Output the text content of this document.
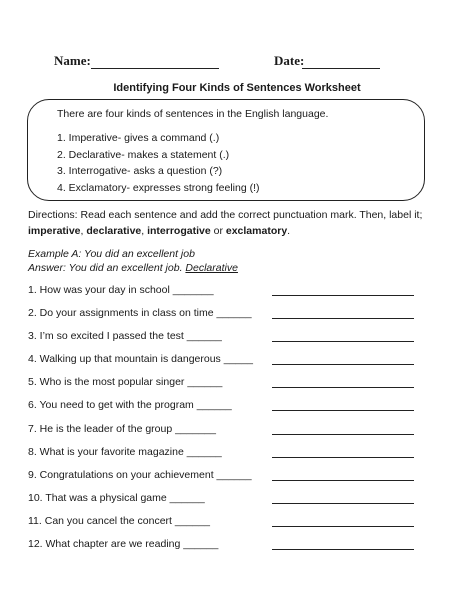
Name:	Date:
Identifying Four Kinds of Sentences Worksheet
There are four kinds of sentences in the English language.
1. Imperative- gives a command (.)
2. Declarative- makes a statement (.)
3. Interrogative- asks a question (?)
4. Exclamatory- expresses strong feeling (!)
Directions: Read each sentence and add the correct punctuation mark. Then, label it; imperative, declarative, interrogative or exclamatory.
Example A: You did an excellent job
Answer: You did an excellent job. Declarative
1. How was your day in school _______
2. Do your assignments in class on time ______
3. I’m so excited I passed the test ______
4. Walking up that mountain is dangerous _____
5. Who is the most popular singer ______
6. You need to get with the program ______
7. He is the leader of the group _______
8. What is your favorite magazine ______
9. Congratulations on your achievement ______
10. That was a physical game ______
11. Can you cancel the concert ______
12. What chapter are we reading ______
